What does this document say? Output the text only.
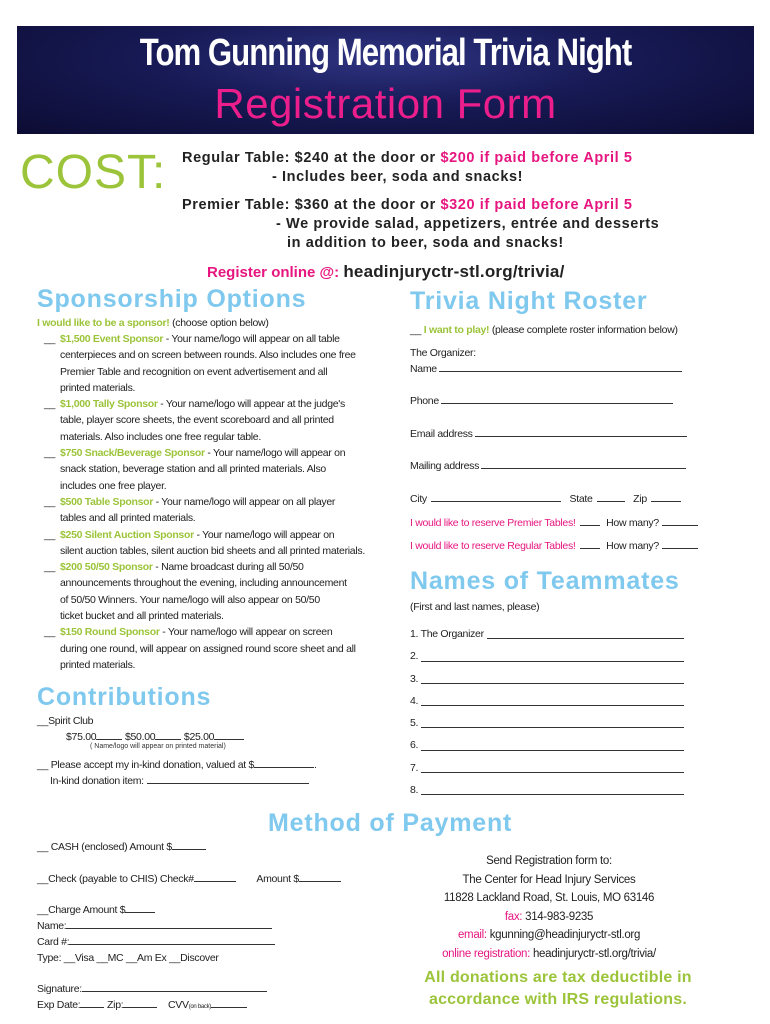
Tom Gunning Memorial Trivia Night
Registration Form
COST: Regular Table: $240 at the door or $200 if paid before April 5
- Includes beer, soda and snacks!
Premier Table: $360 at the door or $320 if paid before April 5
- We provide salad, appetizers, entrée and desserts
in addition to beer, soda and snacks!
Register online @: headinjuryctr-stl.org/trivia/
Sponsorship Options
I would like to be a sponsor! (choose option below)
__ $1,500 Event Sponsor - Your name/logo will appear on all table
centerpieces and on screen between rounds. Also includes one free
Premier Table and recognition on event advertisement and all
printed materials.
__ $1,000 Tally Sponsor - Your name/logo will appear at the judge's
table, player score sheets, the event scoreboard and all printed
materials. Also includes one free regular table.
__ $750 Snack/Beverage Sponsor - Your name/logo will appear on
snack station, beverage station and all printed materials. Also
includes one free player.
__ $500 Table Sponsor - Your name/logo will appear on all player
tables and all printed materials.
__ $250 Silent Auction Sponsor - Your name/logo will appear on
silent auction tables, silent auction bid sheets and all printed materials.
__ $200 50/50 Sponsor - Name broadcast during all 50/50
announcements throughout the evening, including announcement
of 50/50 Winners. Your name/logo will also appear on 50/50
ticket bucket and all printed materials.
__ $150 Round Sponsor - Your name/logo will appear on screen
during one round, will appear on assigned round score sheet and all
printed materials.
Contributions
__Spirit Club
$75.00	$50.00	$25.00
( Name/logo will appear on printed material)
__ Please accept my in-kind donation, valued at $	.
In-kind donation item:
Trivia Night Roster
__ I want to play! (please complete roster information below)
The Organizer:
Name
Phone
Email address
Mailing address
City	State	Zip
I would like to reserve Premier Tables!	How many?
I would like to reserve Regular Tables!	How many?
Names of Teammates
(First and last names, please)
1. The Organizer
2.
3.
4.
5.
6.
7.
8.
Method of Payment
__ CASH (enclosed) Amount $
__Check (payable to CHIS) Check#	Amount $
__Charge Amount $
Name:
Card #:
Type: __Visa __MC __Am Ex __Discover
Signature:
Exp Date:	Zip:	CVV(on back)
Send Registration form to:
The Center for Head Injury Services
11828 Lackland Road, St. Louis, MO 63146
fax: 314-983-9235
email: kgunning@headinjuryctr-stl.org
online registration: headinjuryctr-stl.org/trivia/
All donations are tax deductible in
accordance with IRS regulations.
